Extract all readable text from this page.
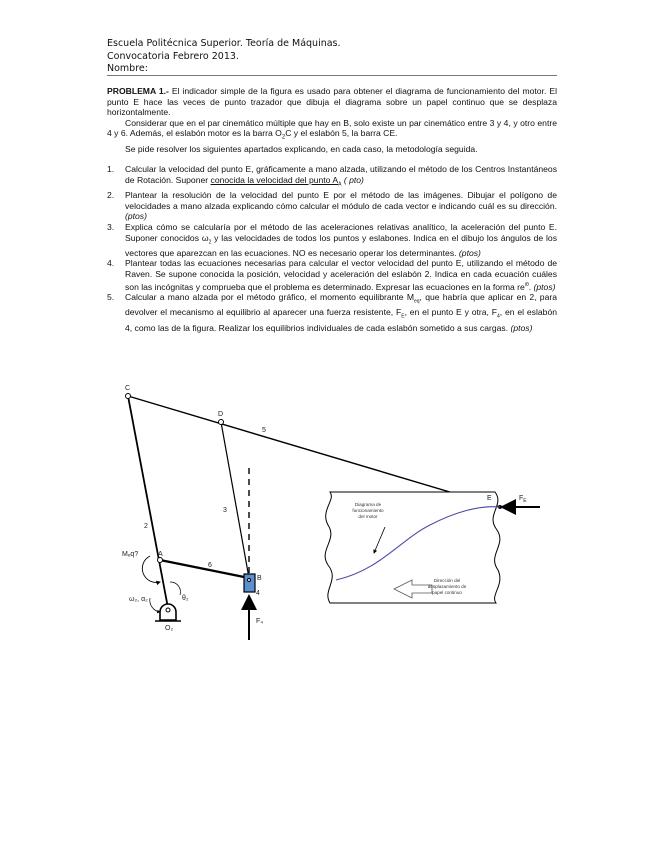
Escuela Politécnica Superior. Teoría de Máquinas.
Convocatoria Febrero 2013.
Nombre:

PROBLEMA 1.- El indicador simple de la figura es usado para obtener el diagrama de funcionamiento del motor. El punto E hace las veces de punto trazador que dibuja el diagrama sobre un papel continuo que se desplaza horizontalmente.

Considerar que en el par cinemático múltiple que hay en B, solo existe un par cinemático entre 3 y 4, y otro entre 4 y 6. Además, el eslabón motor es la barra $O_2C$ y el eslabón 5, la barra CE.

Se pide resolver los siguientes apartados explicando, en cada caso, la metodología seguida.

1. Calcular la velocidad del punto E, gráficamente a mano alzada, utilizando el método de los Centros Instantáneos de Rotación. Suponer conocida la velocidad del punto $A_A$ ( pto)
2. Plantear la resolución de la velocidad del punto E por el método de las imágenes. Dibujar el polígono de velocidades a mano alzada explicando cómo calcular el módulo de cada vector e indicando cuál es su dirección. (ptos)
3. Explica cómo se calcularía por el método de las aceleraciones relativas analítico, la aceleración del punto E. Suponer conocidos $\omega_2$ y las velocidades de todos los puntos y eslabones. Indica en el dibujo los ángulos de los vectores que aparezcan en las ecuaciones. NO es necesario operar los determinantes. (ptos)
4. Plantear todas las ecuaciones necesarias para calcular el vector velocidad del punto E, utilizando el método de Raven. Se supone conocida la posición, velocidad y aceleración del eslabón 2. Indica en cada ecuación cuáles son las incógnitas y comprueba que el problema es determinado. Expresar las ecuaciones en la forma $re^{i\theta}$. (ptos)
5. Calcular a mano alzada por el método gráfico, el momento equilibrante $M_{eq}$, que habría que aplicar en 2, para devolver el mecanismo al equilibrio al aparecer una fuerza resistente, $F_E$, en el punto E y otra, $F_4$, en el eslabón 4, como las de la figura. Realizar los equilibrios individuales de cada eslabón sometido a sus cargas. (ptos)
C
D
E
A
B
O₂
2
3
4
5
6
Mₑq?
ω₂, α₂	θ₂
F₄
$F_E$
Diagrama de
funcionamiento
del motor
Dirección del
desplazamiento de
papel continuo
